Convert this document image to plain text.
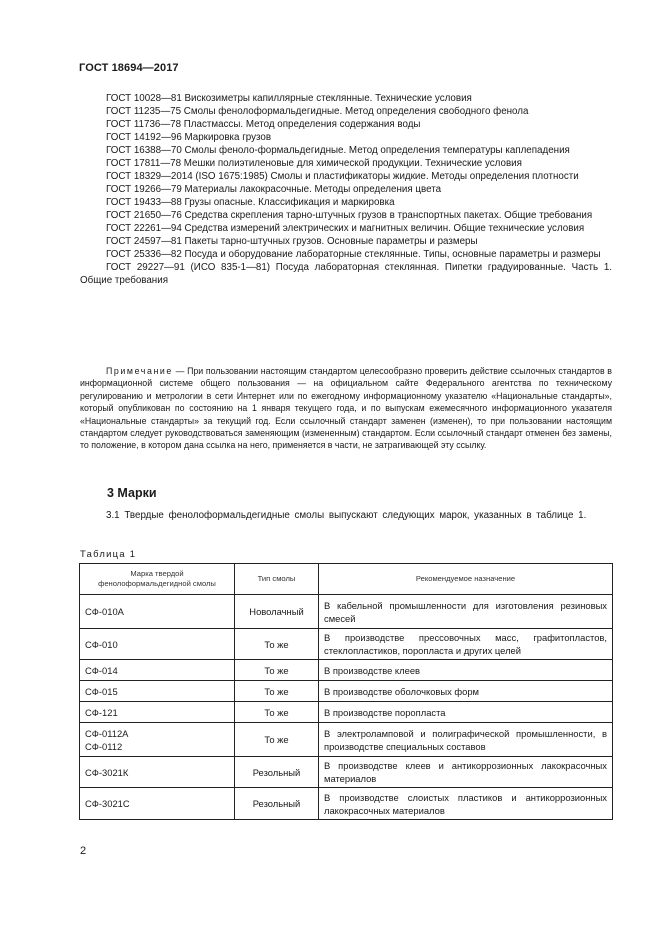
ГОСТ 18694—2017
ГОСТ 10028—81 Вискозиметры капиллярные стеклянные. Технические условия
ГОСТ 11235—75 Смолы фенолоформальдегидные. Метод определения свободного фенола
ГОСТ 11736—78 Пластмассы. Метод определения содержания воды
ГОСТ 14192—96 Маркировка грузов
ГОСТ 16388—70 Смолы феноло-формальдегидные. Метод определения температуры каплепадения
ГОСТ 17811—78 Мешки полиэтиленовые для химической продукции. Технические условия
ГОСТ 18329—2014 (ISO 1675:1985) Смолы и пластификаторы жидкие. Методы определения плотности
ГОСТ 19266—79 Материалы лакокрасочные. Методы определения цвета
ГОСТ 19433—88 Грузы опасные. Классификация и маркировка
ГОСТ 21650—76 Средства скрепления тарно-штучных грузов в транспортных пакетах. Общие требования
ГОСТ 22261—94 Средства измерений электрических и магнитных величин. Общие технические условия
ГОСТ 24597—81 Пакеты тарно-штучных грузов. Основные параметры и размеры
ГОСТ 25336—82 Посуда и оборудование лабораторные стеклянные. Типы, основные параметры и размеры
ГОСТ 29227—91 (ИСО 835-1—81) Посуда лабораторная стеклянная. Пипетки градуированные. Часть 1. Общие требования
Примечание — При пользовании настоящим стандартом целесообразно проверить действие ссылочных стандартов в информационной системе общего пользования — на официальном сайте Федерального агентства по техническому регулированию и метрологии в сети Интернет или по ежегодному информационному указателю «Национальные стандарты», который опубликован по состоянию на 1 января текущего года, и по выпускам ежемесячного информационного указателя «Национальные стандарты» за текущий год. Если ссылочный стандарт заменен (изменен), то при пользовании настоящим стандартом следует руководствоваться заменяющим (измененным) стандартом. Если ссылочный стандарт отменен без замены, то положение, в котором дана ссылка на него, применяется в части, не затрагивающей эту ссылку.
3 Марки
3.1 Твердые фенолоформальдегидные смолы выпускают следующих марок, указанных в таблице 1.
Таблица 1
Марка твердой фенолоформальдегидной смолы	Тип смолы	Рекомендуемое назначение

СФ-010А	Новолачный	В кабельной промышленности для изготовления резиновых смесей

СФ-010	То же	В производстве прессовочных масс, графитопластов, стеклопластиков, поропласта и других целей

СФ-014	То же	В производстве клеев

СФ-015	То же	В производстве оболочковых форм

СФ-121	То же	В производстве поропласта

СФ-0112А
СФ-0112	То же	В электроламповой и полиграфической промышленности, в производстве специальных составов

СФ-3021К	Резольный	В производстве клеев и антикоррозионных лакокрасочных материалов

СФ-3021С	Резольный	В производстве слоистых пластиков и антикоррозионных лакокрасочных материалов
2
